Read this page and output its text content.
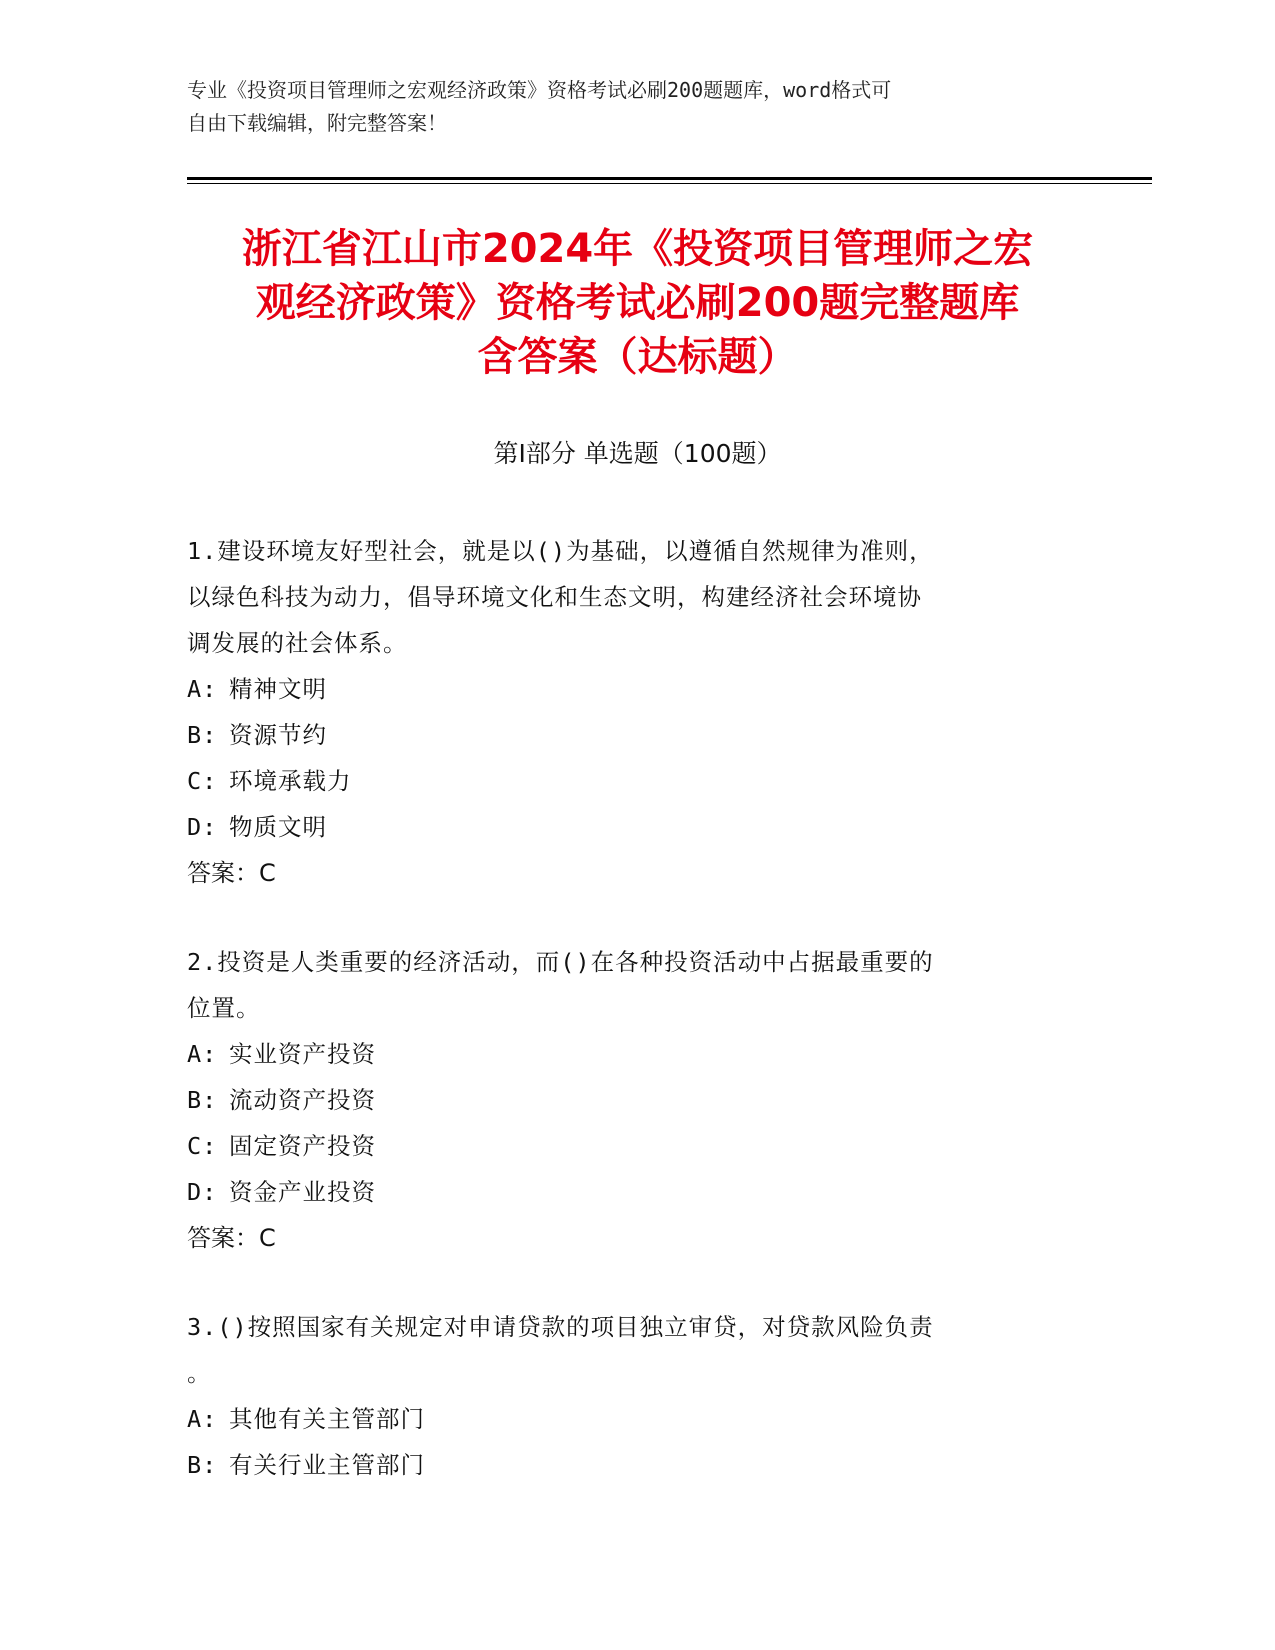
专业《投资项目管理师之宏观经济政策》资格考试必刷200题题库，word格式可
自由下载编辑，附完整答案！
浙江省江山市2024年《投资项目管理师之宏
观经济政策》资格考试必刷200题完整题库
含答案（达标题）
第Ⅰ部分 单选题（100题）
1.建设环境友好型社会，就是以()为基础，以遵循自然规律为准则，
以绿色科技为动力，倡导环境文化和生态文明，构建经济社会环境协
调发展的社会体系。
A: 精神文明
B: 资源节约
C: 环境承载力
D: 物质文明
答案：C
2.投资是人类重要的经济活动，而()在各种投资活动中占据最重要的
位置。
A: 实业资产投资
B: 流动资产投资
C: 固定资产投资
D: 资金产业投资
答案：C
3.()按照国家有关规定对申请贷款的项目独立审贷，对贷款风险负责
。
A: 其他有关主管部门
B: 有关行业主管部门
